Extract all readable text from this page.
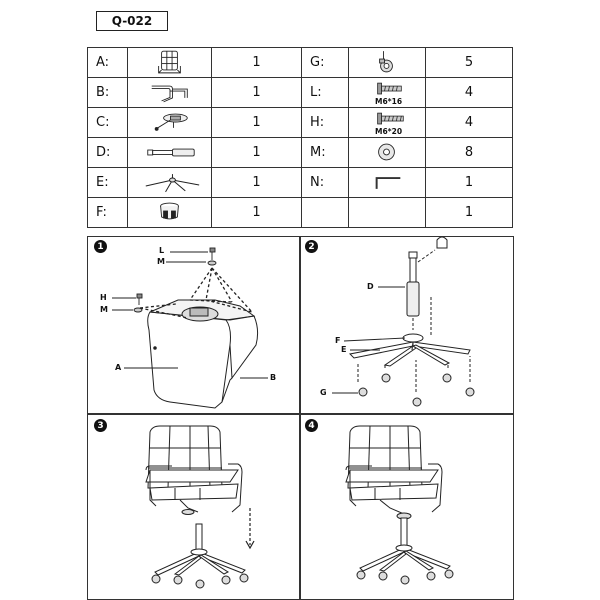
Q-022
A:		1	G:		5
B:		1	L:	M6*16	4
C:		1	H:	M6*20	4
D:		1	M:		8
E:		1	N:		1
F:		1			1
1	2
3	4
L
M
H
M
A
B
D
F
E
G
